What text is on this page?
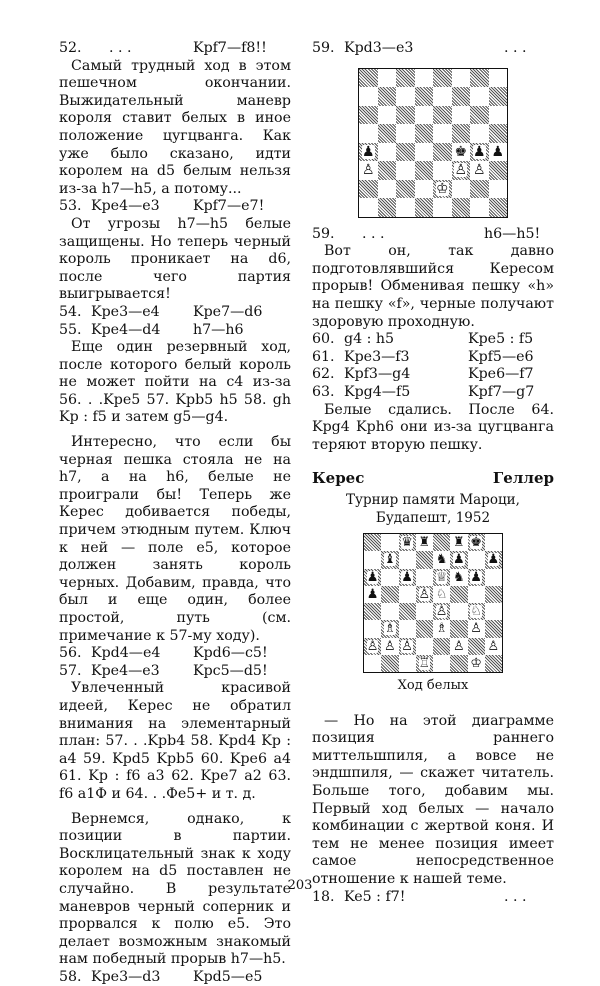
52.	. . .	Kpf7—f8!!

Самый трудный ход в этом пешечном окончании. Выжидательный маневр короля ставит белых в иное положение цугцванга. Как уже было сказано, идти королем на d5 белым нельзя из-за h7—h5, а потому...

53. Kpe4—e3	Kpf7—e7!

От угрозы h7—h5 белые защищены. Но теперь черный король проникает на d6, после чего партия выигрывается!

54. Kpe3—e4	Kpe7—d6
55. Kpe4—d4	h7—h6

Еще один резервный ход, после которого белый король не может пойти на c4 из-за 56. . .Kpe5 57. Kpb5 h5 58. gh Kp : f5 и затем g5—g4.

Интересно, что если бы черная пешка стояла не на h7, а на h6, белые не проиграли бы! Теперь же Керес добивается победы, причем этюдным путем. Ключ к ней — поле e5, которое должен занять король черных. Добавим, правда, что был и еще один, более простой, путь (см. примечание к 57-му ходу).

56. Kpd4—e4	Kpd6—c5!
57. Kpe4—e3	Kpc5—d5!

Увлеченный красивой идеей, Керес не обратил внимания на элементарный план: 57. . .Kpb4 58. Kpd4 Kp : a4 59. Kpd5 Kpb5 60. Kpe6 a4 61. Kp : f6 a3 62. Kpe7 a2 63. f6 a1Ф и 64. . .Фe5+ и т. д.

Вернемся, однако, к позиции в партии. Восклицательный знак к ходу королем на d5 поставлен не случайно. В результате маневров черный соперник и прорвался к полю e5. Это делает возможным знакомый нам победный прорыв h7—h5.

58. Kpe3—d3	Kpd5—e5
59. Kpd3—e3	. . .
♟	♚ ♟ ♟
♙	♙ ♙
♔
59.	. . .	h6—h5!

Вот он, так давно подготовлявшийся Кересом прорыв! Обменивая пешку «h» на пешку «f», черные получают здоровую проходную.

60. g4 : h5	Kpe5 : f5
61. Kpe3—f3	Kpf5—e6
62. Kpf3—g4	Kpe6—f7
63. Kpg4—f5	Kpf7—g7

Белые сдались. После 64. Kpg4 Kph6 они из-за цугцванга теряют вторую пешку.

Керес	Геллер
Турнир памяти Мароци,
Будапешт, 1952
♛ ♜ ♜ ♚
♝	♞ ♟ ♟
♟ ♟ ♕ ♞ ♟
♟	♙ ♘
♙ ♘
♗	♗ ♙
♙ ♙ ♙	♙ ♙
♖	♔
Ход белых

— Но на этой диаграмме позиция раннего миттельшпиля, а вовсе не эндшпиля, — скажет читатель. Больше того, добавим мы. Первый ход белых — начало комбинации с жертвой коня. И тем не менее позиция имеет самое непосредственное отношение к нашей теме.

18. Ke5 : f7!	. . .
203
